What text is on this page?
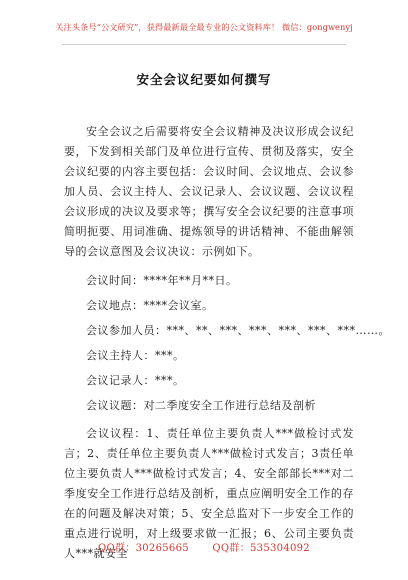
关注头条号“公文研究”，获得最新最全最专业的公文资料库！ 微信：gongwenyj
安全会议纪要如何撰写
安全会议之后需要将安全会议精神及决议形成会议纪要，下发到相关部门及单位进行宣传、贯彻及落实，安全会议纪要的内容主要包括：会议时间、会议地点、会议参加人员、会议主持人、会议记录人、会议议题、会议议程会议形成的决议及要求等；撰写安全会议纪要的注意事项简明扼要、用词准确、提炼领导的讲话精神、不能曲解领导的会议意图及会议决议：示例如下。
会议时间：****年**月**日。
会议地点：****会议室。
会议参加人员：***、**、***、***、***、***、***……。
会议主持人：***。
会议记录人：***。
会议议题：对二季度安全工作进行总结及剖析
会议议程：1、责任单位主要负责人***做检讨式发言；2、责任单位主要负责人***做检讨式发言；3责任单位主要负责人***做检讨式发言；4、安全部部长***对二季度安全工作进行总结及剖析，重点应阐明安全工作的存在的问题及解决对策；5、安全总监对下一步安全工作的重点进行说明，对上级要求做一汇报；6、公司主要负责人***就安全
QQ群：30265665 QQ群：535304092
